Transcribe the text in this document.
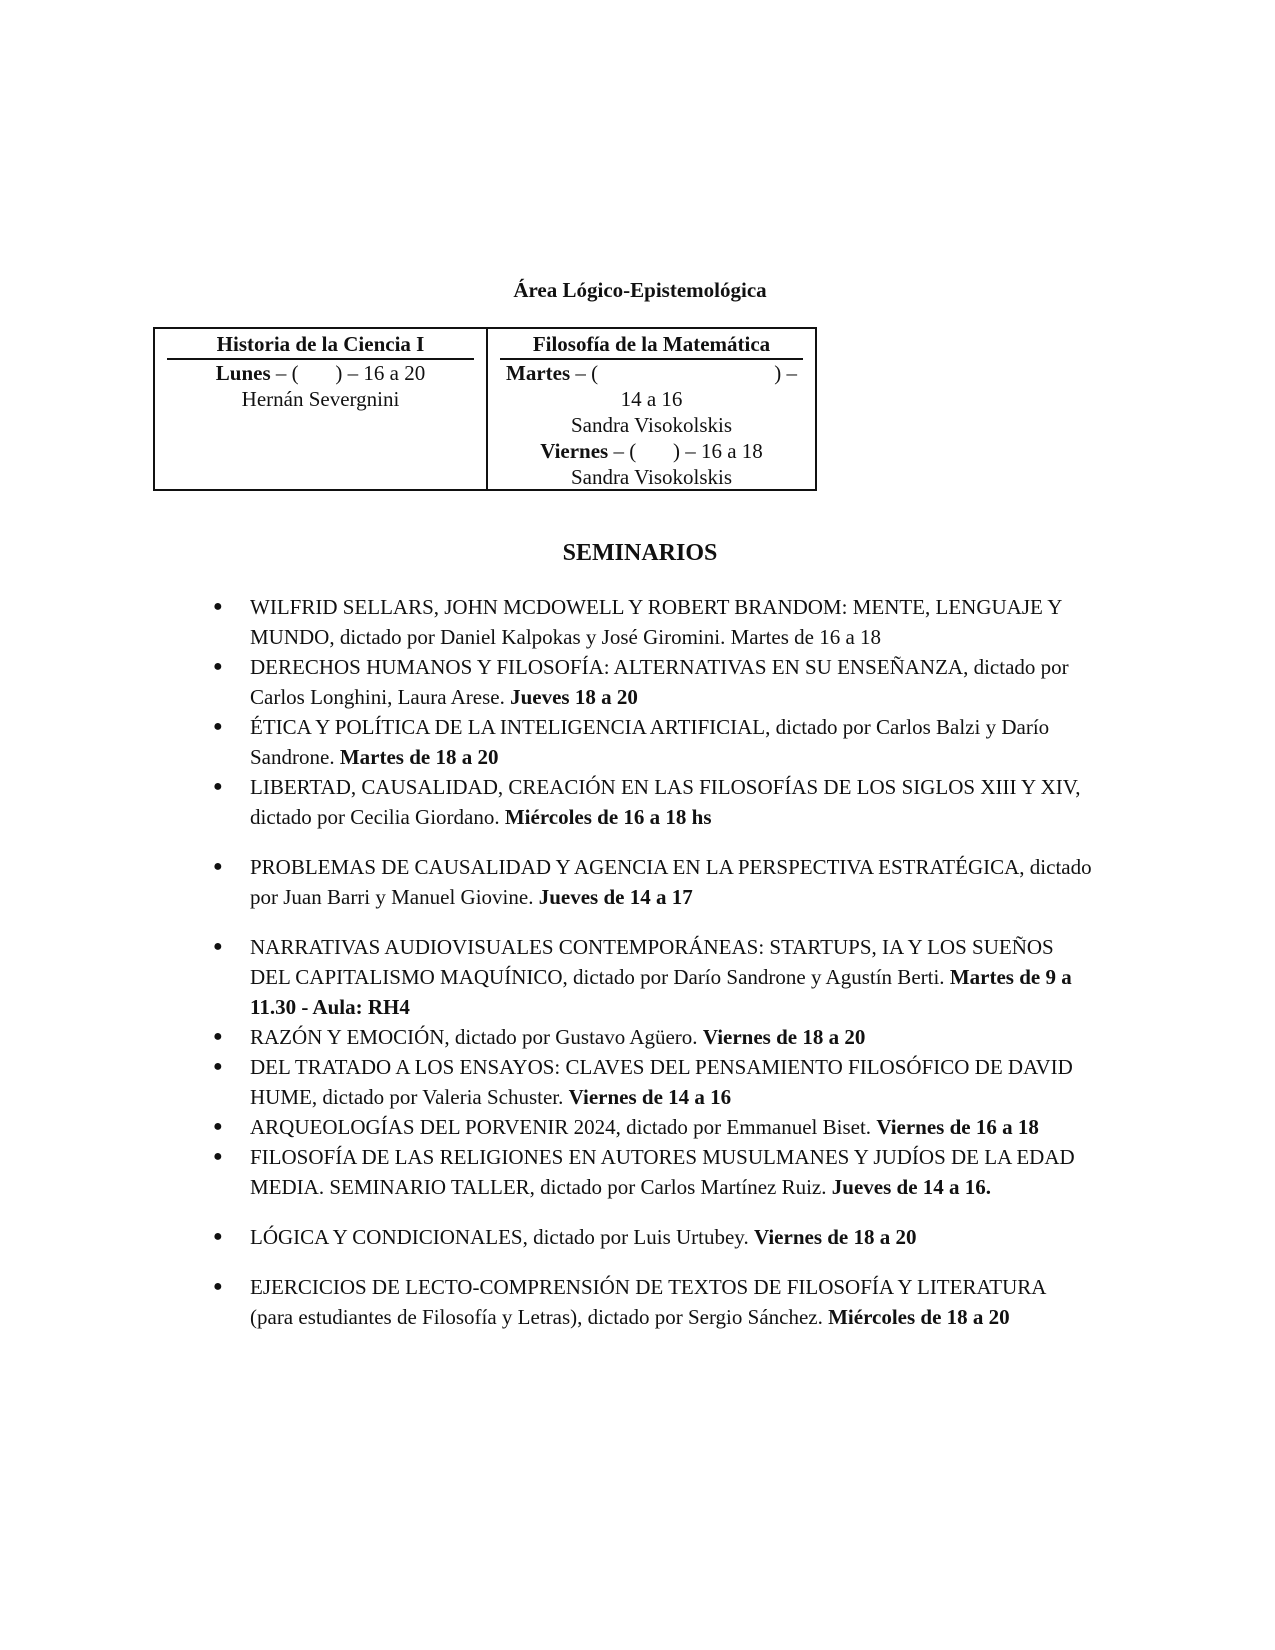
Área Lógico-Epistemológica
Historia de la Ciencia I
Lunes – (       ) – 16 a 20
Hernán Severgnini
Filosofía de la Matemática
Martes – (	) –
14 a 16
Sandra Visokolskis
Viernes – (       ) – 16 a 18
Sandra Visokolskis
SEMINARIOS
● WILFRID SELLARS, JOHN MCDOWELL Y ROBERT BRANDOM: MENTE, LENGUAJE Y MUNDO, dictado por Daniel Kalpokas y José Giromini. Martes de 16 a 18
● DERECHOS HUMANOS Y FILOSOFÍA: ALTERNATIVAS EN SU ENSEÑANZA, dictado por Carlos Longhini, Laura Arese. Jueves 18 a 20
● ÉTICA Y POLÍTICA DE LA INTELIGENCIA ARTIFICIAL, dictado por Carlos Balzi y Darío Sandrone. Martes de 18 a 20
● LIBERTAD, CAUSALIDAD, CREACIÓN EN LAS FILOSOFÍAS DE LOS SIGLOS XIII Y XIV, dictado por Cecilia Giordano. Miércoles de 16 a 18 hs
● PROBLEMAS DE CAUSALIDAD Y AGENCIA EN LA PERSPECTIVA ESTRATÉGICA, dictado por Juan Barri y Manuel Giovine. Jueves de 14 a 17
● NARRATIVAS AUDIOVISUALES CONTEMPORÁNEAS: STARTUPS, IA Y LOS SUEÑOS DEL CAPITALISMO MAQUÍNICO, dictado por Darío Sandrone y Agustín Berti. Martes de 9 a 11.30 - Aula: RH4
● RAZÓN Y EMOCIÓN, dictado por Gustavo Agüero. Viernes de 18 a 20
● DEL TRATADO A LOS ENSAYOS: CLAVES DEL PENSAMIENTO FILOSÓFICO DE DAVID HUME, dictado por Valeria Schuster. Viernes de 14 a 16
● ARQUEOLOGÍAS DEL PORVENIR 2024, dictado por Emmanuel Biset. Viernes de 16 a 18
● FILOSOFÍA DE LAS RELIGIONES EN AUTORES MUSULMANES Y JUDÍOS DE LA EDAD MEDIA. SEMINARIO TALLER, dictado por Carlos Martínez Ruiz. Jueves de 14 a 16.
● LÓGICA Y CONDICIONALES, dictado por Luis Urtubey. Viernes de 18 a 20
● EJERCICIOS DE LECTO-COMPRENSIÓN DE TEXTOS DE FILOSOFÍA Y LITERATURA (para estudiantes de Filosofía y Letras), dictado por Sergio Sánchez. Miércoles de 18 a 20
